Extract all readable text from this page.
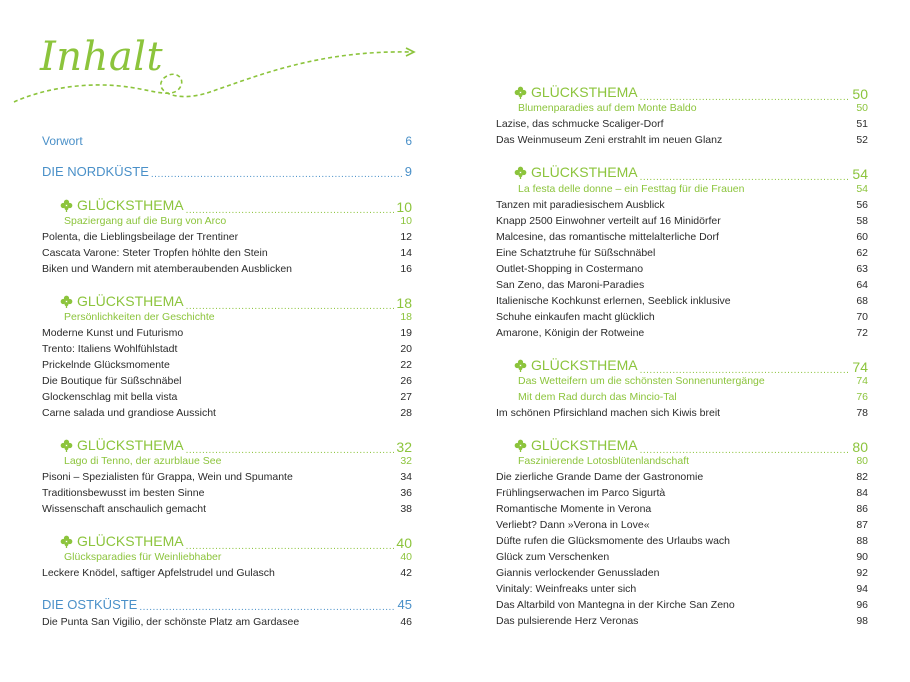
Inhalt
Vorwort	6
DIE NORDKÜSTE .....	9
GLÜCKSTHEMA .....	10
Spaziergang auf die Burg von Arco	10
Polenta, die Lieblingsbeilage der Trentiner	12
Cascata Varone: Steter Tropfen höhlte den Stein	14
Biken und Wandern mit atemberaubenden Ausblicken	16
GLÜCKSTHEMA .....	18
Persönlichkeiten der Geschichte	18
Moderne Kunst und Futurismo	19
Trento: Italiens Wohlfühlstadt	20
Prickelnde Glücksmomente	22
Die Boutique für Süßschnäbel	26
Glockenschlag mit bella vista	27
Carne salada und grandiose Aussicht	28
GLÜCKSTHEMA .....	32
Lago di Tenno, der azurblaue See	32
Pisoni – Spezialisten für Grappa, Wein und Spumante	34
Traditionsbewusst im besten Sinne	36
Wissenschaft anschaulich gemacht	38
GLÜCKSTHEMA .....	40
Glücksparadies für Weinliebhaber	40
Leckere Knödel, saftiger Apfelstrudel und Gulasch	42
DIE OSTKÜSTE .....	45
Die Punta San Vigilio, der schönste Platz am Gardasee	46
GLÜCKSTHEMA .....	50
Blumenparadies auf dem Monte Baldo	50
Lazise, das schmucke Scaliger-Dorf	51
Das Weinmuseum Zeni erstrahlt im neuen Glanz	52
GLÜCKSTHEMA .....	54
La festa delle donne – ein Festtag für die Frauen	54
Tanzen mit paradiesischem Ausblick	56
Knapp 2500 Einwohner verteilt auf 16 Minidörfer	58
Malcesine, das romantische mittelalterliche Dorf	60
Eine Schatztruhe für Süßschnäbel	62
Outlet-Shopping in Costermano	63
San Zeno, das Maroni-Paradies	64
Italienische Kochkunst erlernen, Seeblick inklusive	68
Schuhe einkaufen macht glücklich	70
Amarone, Königin der Rotweine	72
GLÜCKSTHEMA .....	74
Das Wetteifern um die schönsten Sonnenuntergänge	74
Mit dem Rad durch das Mincio-Tal	76
Im schönen Pfirsichland machen sich Kiwis breit	78
GLÜCKSTHEMA .....	80
Faszinierende Lotosblütenlandschaft	80
Die zierliche Grande Dame der Gastronomie	82
Frühlingserwachen im Parco Sigurtà	84
Romantische Momente in Verona	86
Verliebt? Dann »Verona in Love«	87
Düfte rufen die Glücksmomente des Urlaubs wach	88
Glück zum Verschenken	90
Giannis verlockender Genussladen	92
Vinitaly: Weinfreaks unter sich	94
Das Altarbild von Mantegna in der Kirche San Zeno	96
Das pulsierende Herz Veronas	98
